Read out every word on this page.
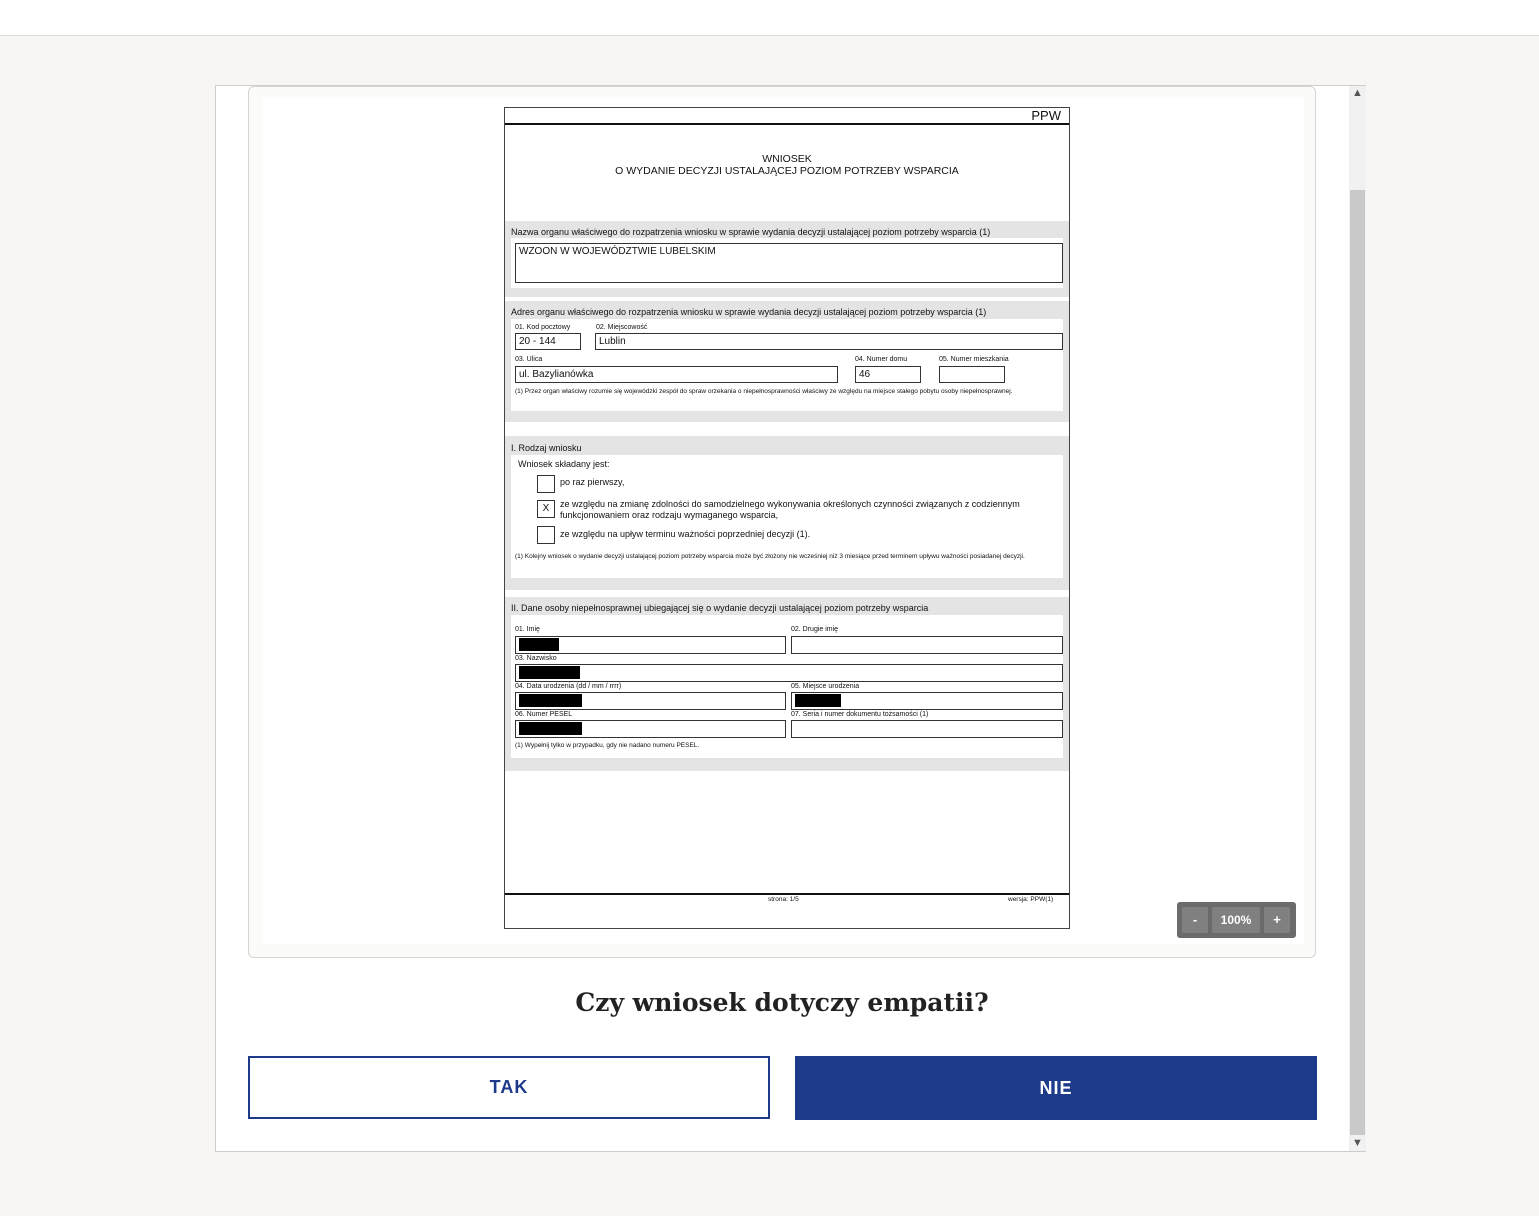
▲
▼
PPW
WNIOSEK
O WYDANIE DECYZJI USTALAJĄCEJ POZIOM POTRZEBY WSPARCIA
Nazwa organu właściwego do rozpatrzenia wniosku w sprawie wydania decyzji ustalającej poziom potrzeby wsparcia (1)
WZOON W WOJEWÓDZTWIE LUBELSKIM
Adres organu właściwego do rozpatrzenia wniosku w sprawie wydania decyzji ustalającej poziom potrzeby wsparcia (1)
01. Kod pocztowy
20 - 144
02. Miejscowość
Lublin
03. Ulica
ul. Bazylianówka
04. Numer domu
46
05. Numer mieszkania
(1) Przez organ właściwy rozumie się wojewódzki zespół do spraw orzekania o niepełnosprawności właściwy ze względu na miejsce stałego pobytu osoby niepełnosprawnej.
I. Rodzaj wniosku
Wniosek składany jest:
po raz pierwszy,
X	ze względu na zmianę zdolności do samodzielnego wykonywania określonych czynności związanych z codziennym funkcjonowaniem oraz rodzaju wymaganego wsparcia,
ze względu na upływ terminu ważności poprzedniej decyzji (1).
(1) Kolejny wniosek o wydanie decyzji ustalającej poziom potrzeby wsparcia może być złożony nie wcześniej niż 3 miesiące przed terminem upływu ważności posiadanej decyzji.
II. Dane osoby niepełnosprawnej ubiegającej się o wydanie decyzji ustalającej poziom potrzeby wsparcia
01. Imię	02. Drugie imię
03. Nazwisko
04. Data urodzenia (dd / mm / rrrr)	05. Miejsce urodzenia
06. Numer PESEL	07. Seria i numer dokumentu tożsamości (1)
(1) Wypełnij tylko w przypadku, gdy nie nadano numeru PESEL.
strona: 1/5	wersja: PPW(1)
-	100%	+
Czy wniosek dotyczy empatii?
TAK	NIE
